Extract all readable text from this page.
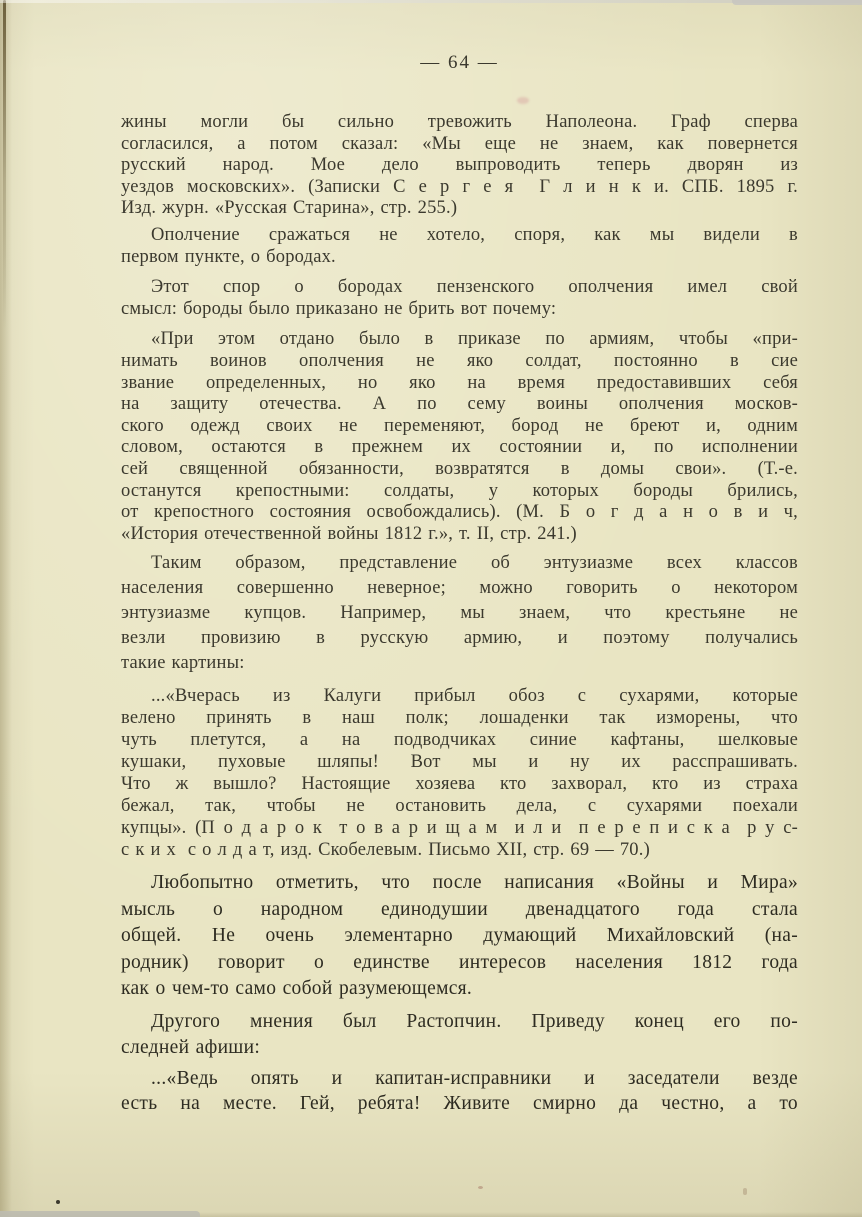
— 64 —

жины могли бы сильно тревожить Наполеона. Граф сперва
согласился, а потом сказал: «Мы еще не знаем, как повернется
русский народ. Мое дело выпроводить теперь дворян из
уездов московских». (Записки С е р г е я  Г л и н к и. СПБ. 1895 г.
Изд. журн. «Русская Старина», стр. 255.)

Ополчение сражаться не хотело, споря, как мы видели в
первом пункте, о бородах.

Этот спор о бородах пензенского ополчения имел свой
смысл: бороды было приказано не брить вот почему:

«При этом отдано было в приказе по армиям, чтобы «при-
нимать воинов ополчения не яко солдат, постоянно в сие
звание определенных, но яко на время предоставивших себя
на защиту отечества. А по сему воины ополчения москов-
ского одежд своих не переменяют, бород не бреют и, одним
словом, остаются в прежнем их состоянии и, по исполнении
сей священной обязанности, возвратятся в домы свои». (Т.-е.
останутся крепостными: солдаты, у которых бороды брились,
от крепостного состояния освобождались). (М. Б о г д а н о в и ч,
«История отечественной войны 1812 г.», т. II, стр. 241.)

Таким образом, представление об энтузиазме всех классов
населения совершенно неверное; можно говорить о некотором
энтузиазме купцов. Например, мы знаем, что крестьяне не
везли провизию в русскую армию, и поэтому получались
такие картины:

...«Вчерась из Калуги прибыл обоз с сухарями, которые
велено принять в наш полк; лошаденки так изморены, что
чуть плетутся, а на подводчиках синие кафтаны, шелковые
кушаки, пуховые шляпы! Вот мы и ну их расспрашивать.
Что ж вышло? Настоящие хозяева кто захворал, кто из страха
бежал, так, чтобы не остановить дела, с сухарями поехали
купцы». (П о д а р о к  т о в а р и щ а м  и л и  п е р е п и с к а  р у с-
с к и х  с о л д а т, изд. Скобелевым. Письмо XII, стр. 69 — 70.)

Любопытно отметить, что после написания «Войны и Мира»
мысль о народном единодушии двенадцатого года стала
общей. Не очень элементарно думающий Михайловский (на-
родник) говорит о единстве интересов населения 1812 года
как о чем-то само собой разумеющемся.

Другого мнения был Растопчин. Приведу конец его по-
следней афиши:

...«Ведь опять и капитан-исправники и заседатели везде
есть на месте. Гей, ребята! Живите смирно да честно, а то
